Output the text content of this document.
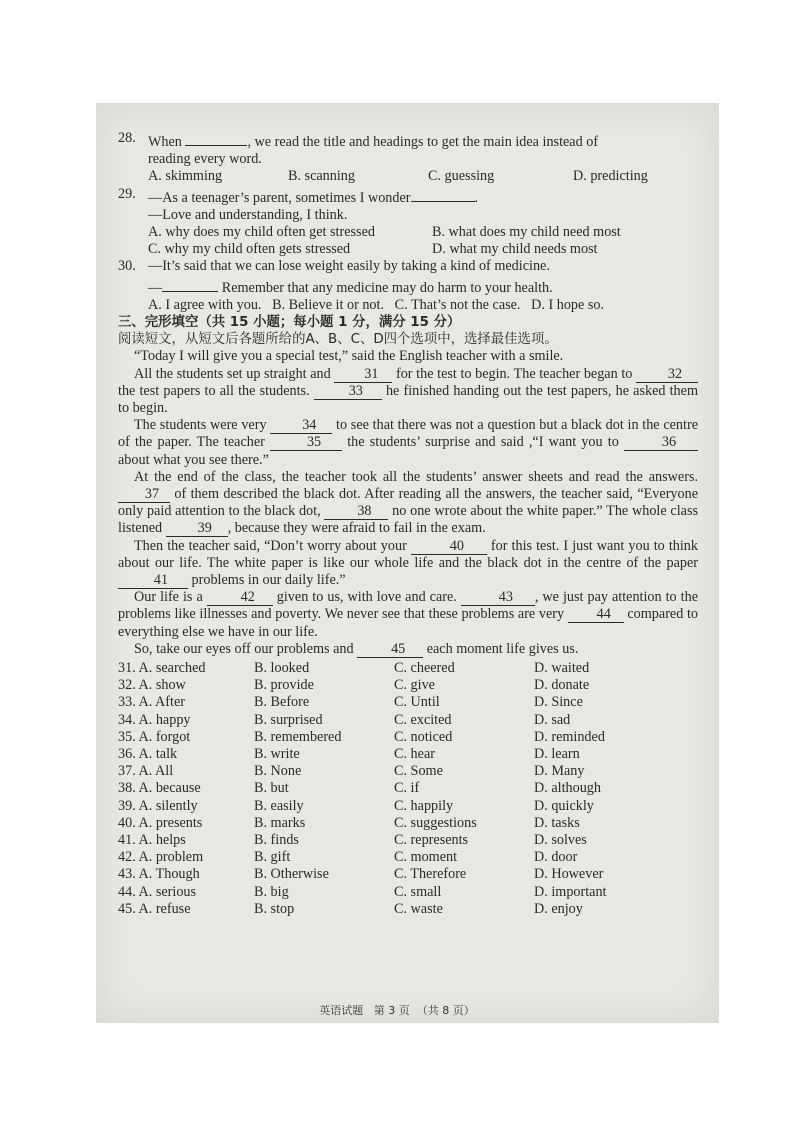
28. When	, we read the title and headings to get the main idea instead of
reading every word.
A. skimming	B. scanning	C. guessing	D. predicting
29. —As a teenager’s parent, sometimes I wonder	.
—Love and understanding, I think.
A. why does my child often get stressed	B. what does my child need most
C. why my child often gets stressed	D. what my child needs most
30. —It’s said that we can lose weight easily by taking a kind of medicine.
—	Remember that any medicine may do harm to your health.
A. I agree with you.   B. Believe it or not.   C. That’s not the case.   D. I hope so.
三、完形填空（共 15 小题；每小题 1 分，满分 15 分）
阅读短文，从短文后各题所给的A、B、C、D四个选项中，选择最佳选项。

“Today I will give you a special test,” said the English teacher with a smile.

All the students set up straight and 31 for the test to begin. The teacher began to 32 the test papers to all the students. 33 he finished handing out the test papers, he asked them to begin.

The students were very 34 to see that there was not a question but a black dot in the centre of the paper. The teacher	35 the students’ surprise and said ,“I want you to	36 about what you see there.”

At the end of the class, the teacher took all the students’ answer sheets and read the answers. 37 of them described the black dot. After reading all the answers, the teacher said, “Everyone only paid attention to the black dot, 38 no one wrote about the white paper.” The whole class listened 39 , because they were afraid to fail in the exam.

Then the teacher said, “Don’t worry about your	40 for this test. I just want you to think about our life. The white paper is like our whole life and the black dot in the centre of the paper 41 problems in our daily life.”

Our life is a 42 given to us, with love and care.	43 , we just pay attention to the problems like illnesses and poverty. We never see that these problems are very 44 compared to everything else we have in our life.

So, take our eyes off our problems and 45 each moment life gives us.

31. A. searched	B. looked	C. cheered	D. waited
32. A. show	B. provide	C. give	D. donate
33. A. After	B. Before	C. Until	D. Since
34. A. happy	B. surprised	C. excited	D. sad
35. A. forgot	B. remembered	C. noticed	D. reminded
36. A. talk	B. write	C. hear	D. learn
37. A. All	B. None	C. Some	D. Many
38. A. because	B. but	C. if	D. although
39. A. silently	B. easily	C. happily	D. quickly
40. A. presents	B. marks	C. suggestions	D. tasks
41. A. helps	B. finds	C. represents	D. solves
42. A. problem	B. gift	C. moment	D. door
43. A. Though	B. Otherwise	C. Therefore	D. However
44. A. serious	B. big	C. small	D. important
45. A. refuse	B. stop	C. waste	D. enjoy
英语试题   第 3 页  （共 8 页）
